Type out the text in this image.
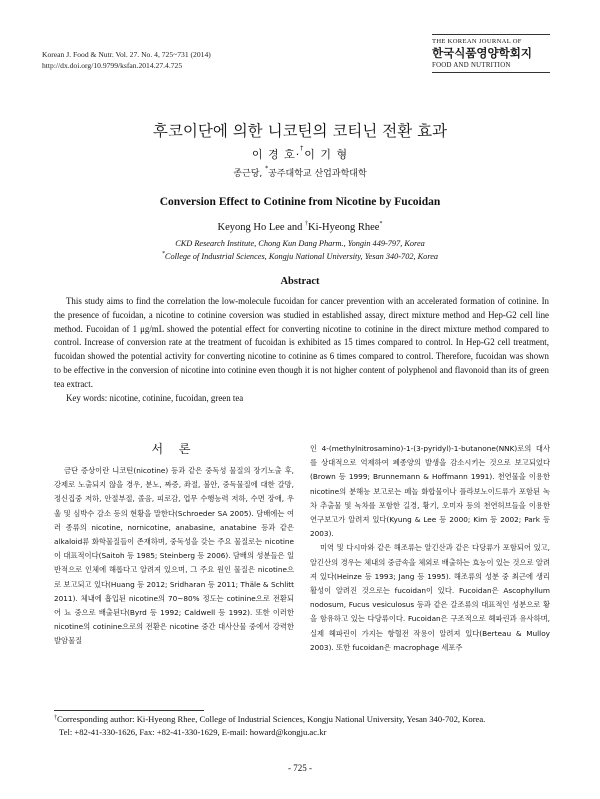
Korean J. Food & Nutr. Vol. 27. No. 4, 725~731 (2014)
http://dx.doi.org/10.9799/ksfan.2014.27.4.725
THE KOREAN JOURNAL OF
한국식품영양학회지
FOOD AND NUTRITION
후코이단에 의한 니코틴의 코티닌 전환 효과
이 경 호·†이 기 형
종근당, *공주대학교 산업과학대학
Conversion Effect to Cotinine from Nicotine by Fucoidan
Keyong Ho Lee and †Ki-Hyeong Rhee*
CKD Research Institute, Chong Kun Dang Pharm., Yongin 449-797, Korea
*College of Industrial Sciences, Kongju National University, Yesan 340-702, Korea
Abstract

This study aims to find the correlation the low-molecule fucoidan for cancer prevention with an accelerated formation of cotinine. In the presence of fucoidan, a nicotine to cotinine coversion was studied in established assay, direct mixture method and Hep-G2 cell line method. Fucoidan of 1 μg/mL showed the potential effect for converting nicotine to cotinine in the direct mixture method compared to control. Increase of conversion rate at the treatment of fucoidan is exhibited as 15 times compared to control. In Hep-G2 cell treatment, fucoidan showed the potential activity for converting nicotine to cotinine as 6 times compared to control. Therefore, fucoidan was shown to be effective in the conversion of nicotine into cotinine even though it is not higher content of polyphenol and flavonoid than its of green tea extract.

Key words: nicotine, cotinine, fucoidan, green tea
서 론

금단 증상이란 니코틴(nicotine) 등과 같은 중독성 물질의 장기노출 후, 강제로 노출되지 않을 경우, 분노, 짜증, 좌절, 불안, 중독물질에 대한 갈망, 정신집중 저하, 안절부절, 졸음, 피로감, 업무 수행능력 저하, 수면 장애, 우울 및 심박수 감소 등의 현황을 말한다(Schroeder SA 2005). 담배에는 여러 종류의 nicotine, nornicotine, anabasine, anatabine 등과 같은 alkaloid류 화학물질들이 존재하며, 중독성을 갖는 주요 물질로는 nicotine이 대표적이다(Saitoh 등 1985; Steinberg 등 2006). 담배의 성분들은 일반적으로 인체에 해롭다고 알려져 있으며, 그 주요 원인 물질은 nicotine으로 보고되고 있다(Huang 등 2012; Sridharan 등 2011; Thäle & Schlitt 2011). 체내에 흡입된 nicotine의 70~80% 정도는 cotinine으로 전환되어 뇨 중으로 배출된다(Byrd 등 1992; Caldwell 등 1992). 또한 이러한 nicotine의 cotinine으로의 전환은 nicotine 중간 대사산물 중에서 강력한 발암물질

인 4-(methylnitrosamino)-1-(3-pyridyl)-1-butanone(NNK)로의 대사를 상대적으로 억제하여 폐종양의 발생을 감소시키는 것으로 보고되었다(Brown 등 1999; Brunnemann & Hoffmann 1991). 천연물을 이용한 nicotine의 분해능 보고로는 페놀 화합물이나 플라보노이드류가 포함된 녹차 추출물 및 녹차를 포함한 길경, 황기, 오미자 등의 천연허브들을 이용한 연구보고가 알려져 있다(Kyung & Lee 등 2000; Kim 등 2002; Park 등 2003).

미역 및 다시마와 같은 해조류는 알긴산과 같은 다당류가 포함되어 있고, 알긴산의 경우는 체내의 중금속을 체외로 배출하는 효능이 있는 것으로 알려져 있다(Heinze 등 1993; Jang 등 1995). 해조류의 성분 중 최근에 생리활성이 알려진 것으로는 fucoidan이 있다. Fucoidan은 Ascophyllum nodosum, Fucus vesiculosus 등과 같은 갈조류의 대표적인 성분으로 황을 함유하고 있는 다당류이다. Fucoidan은 구조적으로 헤파린과 유사하며, 실제 헤파린이 가지는 항혈전 작용이 알려져 있다(Berteau & Mulloy 2003). 또한 fucoidan은 macrophage 세포주

†Corresponding author: Ki-Hyeong Rhee, College of Industrial Sciences, Kongju National University, Yesan 340-702, Korea.
Tel: +82-41-330-1626, Fax: +82-41-330-1629, E-mail: howard@kongju.ac.kr
- 725 -
